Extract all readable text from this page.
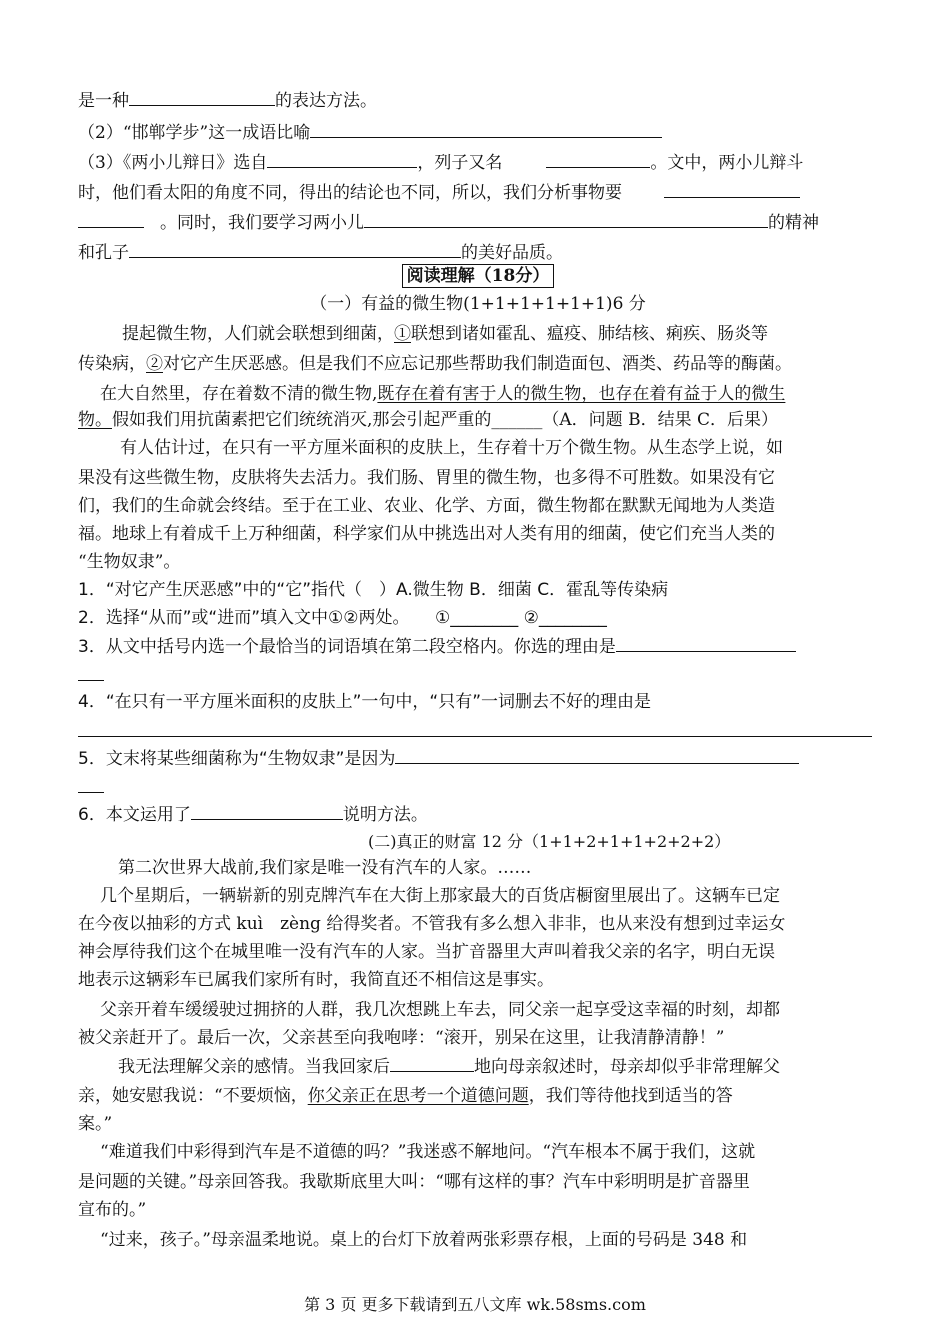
是一种	的表达方法。
（2）“邯郸学步”这一成语比喻
（3）《两小儿辩日》选自	，列子又名	。文中，两小儿辩斗
时，他们看太阳的角度不同，得出的结论也不同，所以，我们分析事物要
。同时，我们要学习两小儿	的精神
和孔子	的美好品质。
阅读理解（18分）
（一）有益的微生物(1+1+1+1+1+1)6 分
提起微生物，人们就会联想到细菌，①联想到诸如霍乱、瘟疫、肺结核、痢疾、肠炎等
传染病，②对它产生厌恶感。但是我们不应忘记那些帮助我们制造面包、酒类、药品等的酶菌。
在大自然里，存在着数不清的微生物,既存在着有害于人的微生物，也存在着有益于人的微生
物。假如我们用抗菌素把它们统统消灭,那会引起严重的______（A．问题 B．结果 C．后果）
有人估计过，在只有一平方厘米面积的皮肤上，生存着十万个微生物。从生态学上说，如
果没有这些微生物，皮肤将失去活力。我们肠、胃里的微生物，也多得不可胜数。如果没有它
们，我们的生命就会终结。至于在工业、农业、化学、方面，微生物都在默默无闻地为人类造
福。地球上有着成千上万种细菌，科学家们从中挑选出对人类有用的细菌，使它们充当人类的
“生物奴隶”。
1．“对它产生厌恶感”中的“它”指代（　）A.微生物 B．细菌 C．霍乱等传染病
2．选择“从而”或“进而”填入文中①②两处。　　①________ ②________
3．从文中括号内选一个最恰当的词语填在第二段空格内。你选的理由是
4．“在只有一平方厘米面积的皮肤上”一句中，“只有”一词删去不好的理由是
5．文末将某些细菌称为“生物奴隶”是因为
6．本文运用了	说明方法。
(二)真正的财富 12 分（1+1+2+1+1+2+2+2）
第二次世界大战前,我们家是唯一没有汽车的人家。……
几个星期后，一辆崭新的别克牌汽车在大街上那家最大的百货店橱窗里展出了。这辆车已定
在今夜以抽彩的方式 kuì　zèng 给得奖者。不管我有多么想入非非，也从来没有想到过幸运女
神会厚待我们这个在城里唯一没有汽车的人家。当扩音器里大声叫着我父亲的名字，明白无误
地表示这辆彩车已属我们家所有时，我简直还不相信这是事实。
父亲开着车缓缓驶过拥挤的人群，我几次想跳上车去，同父亲一起享受这幸福的时刻，却都
被父亲赶开了。最后一次，父亲甚至向我咆哮：“滚开，别呆在这里，让我清静清静！”
我无法理解父亲的感情。当我回家后	地向母亲叙述时，母亲却似乎非常理解父
亲，她安慰我说：“不要烦恼，你父亲正在思考一个道德问题，我们等待他找到适当的答
案。”
“难道我们中彩得到汽车是不道德的吗？”我迷惑不解地问。“汽车根本不属于我们，这就
是问题的关键。”母亲回答我。我歇斯底里大叫：“哪有这样的事？汽车中彩明明是扩音器里
宣布的。”
“过来，孩子。”母亲温柔地说。桌上的台灯下放着两张彩票存根，上面的号码是 348 和
第 3 页 更多下载请到五八文库 wk.58sms.com
